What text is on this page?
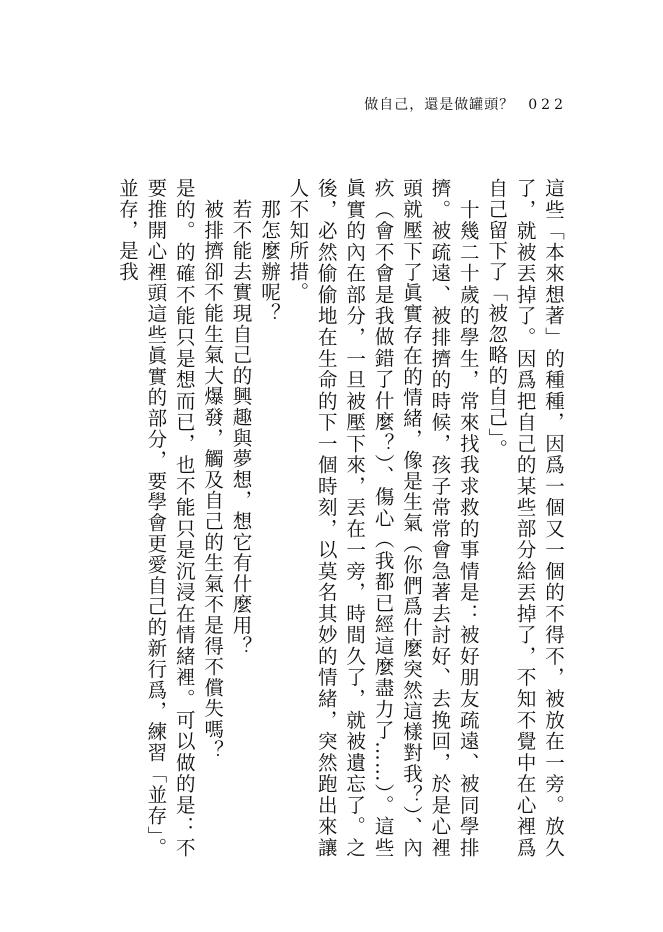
做自己，還是做罐頭？ 022

這些「本來想著」的種種，因爲一個又一個的不得不，被放在一旁。放久了，就被丟掉了。因爲把自己的某些部分給丟掉了，不知不覺中在心裡爲自己留下了「被忽略的自己」。

　十幾二十歲的學生，常來找我求救的事情是：被好朋友疏遠、被同學排擠。被疏遠、被排擠的時候，孩子常常會急著去討好、去挽回，於是心裡頭就壓下了眞實存在的情緒，像是生氣（你們爲什麼突然這樣對我？）、內疚（會不會是我做錯了什麼？）、傷心（我都已經這麼盡力了……）。這些眞實的內在部分，一旦被壓下來，丟在一旁，時間久了，就被遺忘了。之後，必然偷偷地在生命的下一個時刻，以莫名其妙的情緒，突然跑出來讓人不知所措。

　那怎麼辦呢？

　若不能去實現自己的興趣與夢想，想它有什麼用？

　被排擠卻不能生氣大爆發，觸及自己的生氣不是得不償失嗎？

是的。的確不能只是想而已，也不能只是沉浸在情緒裡。可以做的是：不要推開心裡頭這些眞實的部分，要學會更愛自己的新行爲，練習「並存」。並存，是我
